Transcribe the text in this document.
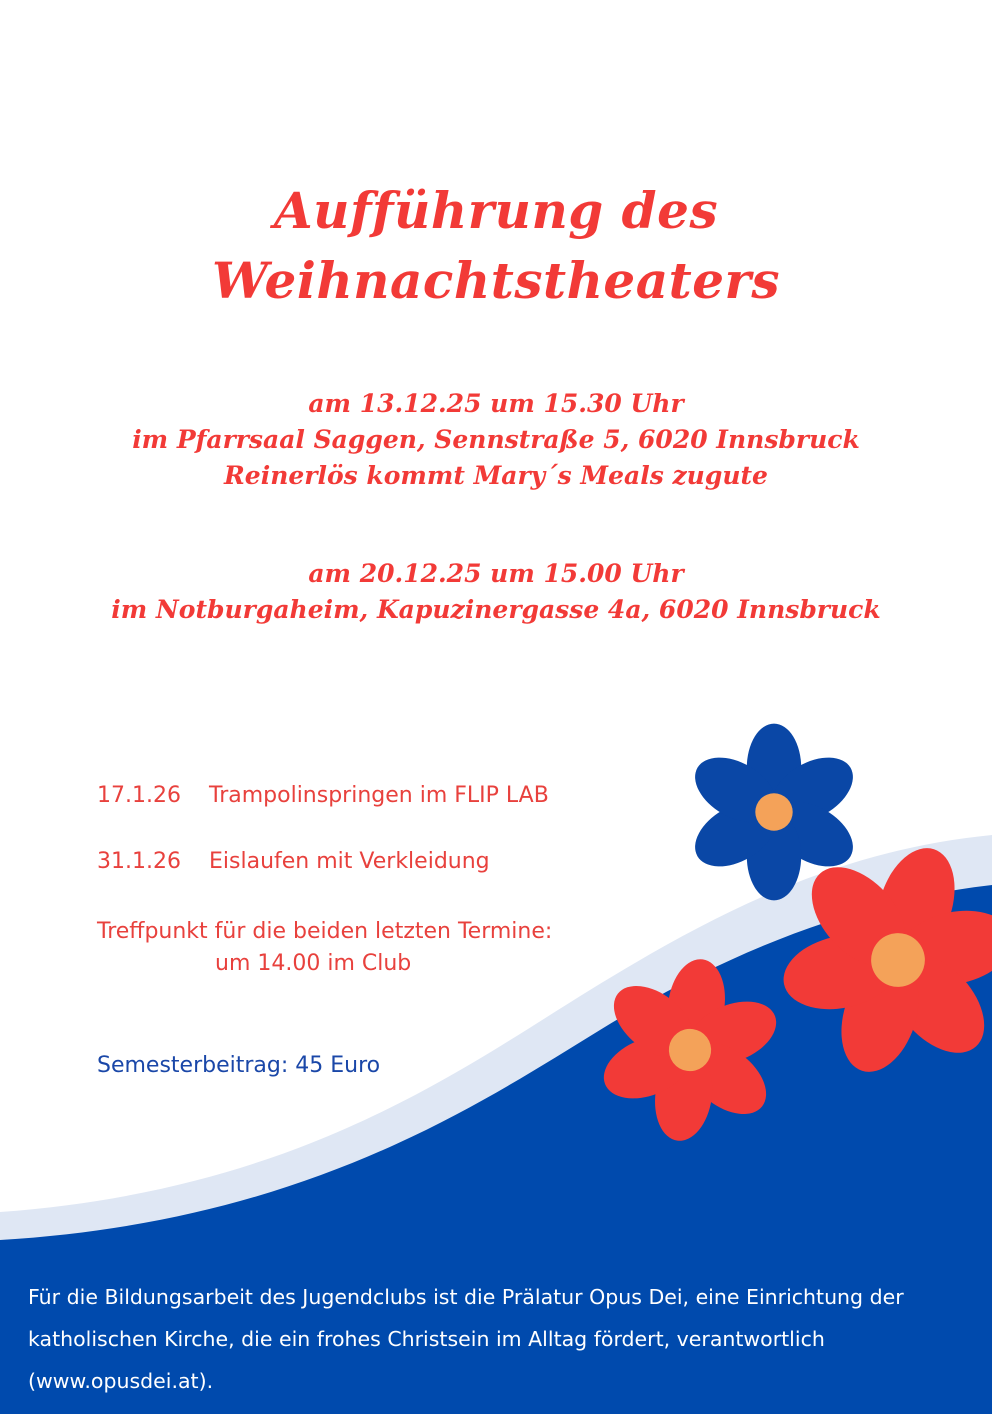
Aufführung des
Weihnachtstheaters
am 13.12.25 um 15.30 Uhr
im Pfarrsaal Saggen, Sennstraße 5, 6020 Innsbruck
Reinerlös kommt Mary´s Meals zugute
am 20.12.25 um 15.00 Uhr
im Notburgaheim, Kapuzinergasse 4a, 6020 Innsbruck
17.1.26 Trampolinspringen im FLIP LAB
31.1.26 Eislaufen mit Verkleidung
Treffpunkt für die beiden letzten Termine:
um 14.00 im Club
Semesterbeitrag: 45 Euro

Für die Bildungsarbeit des Jugendclubs ist die Prälatur Opus Dei, eine Einrichtung der katholischen Kirche, die ein frohes Christsein im Alltag fördert, verantwortlich (www.opusdei.at).
